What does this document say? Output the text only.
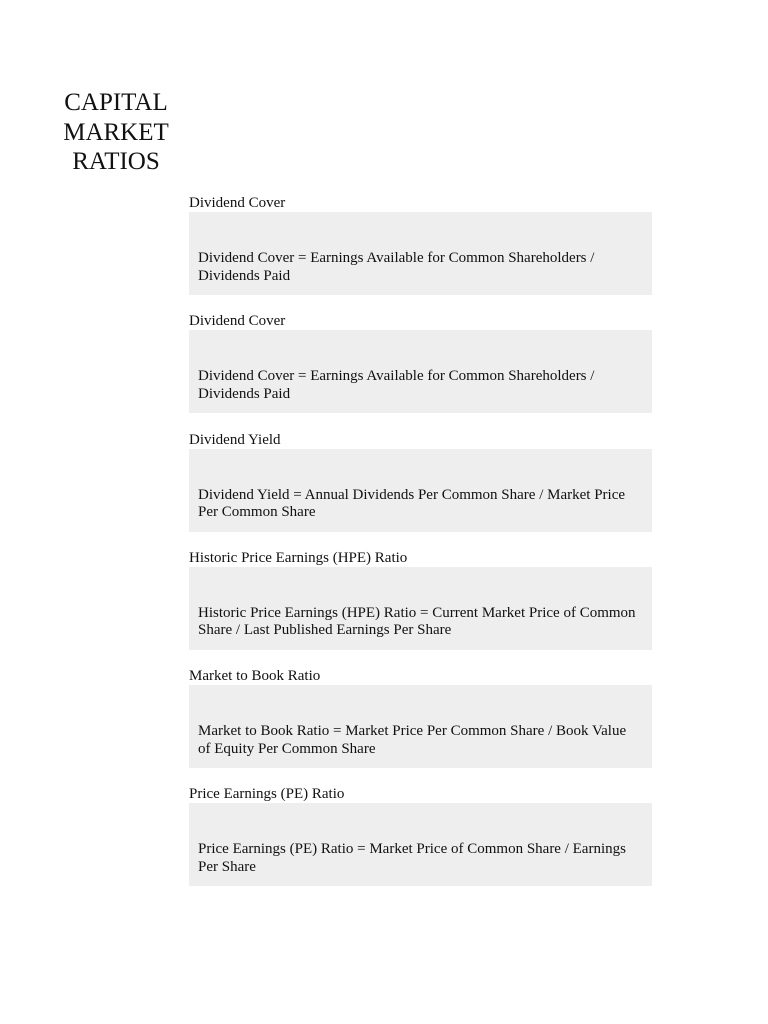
CAPITAL
MARKET
RATIOS
Dividend Cover
Dividend Cover = Earnings Available for Common Shareholders /
Dividends Paid
Dividend Cover
Dividend Cover = Earnings Available for Common Shareholders /
Dividends Paid
Dividend Yield
Dividend Yield = Annual Dividends Per Common Share / Market Price
Per Common Share
Historic Price Earnings (HPE) Ratio
Historic Price Earnings (HPE) Ratio = Current Market Price of Common
Share / Last Published Earnings Per Share
Market to Book Ratio
Market to Book Ratio = Market Price Per Common Share / Book Value
of Equity Per Common Share
Price Earnings (PE) Ratio
Price Earnings (PE) Ratio = Market Price of Common Share / Earnings
Per Share
